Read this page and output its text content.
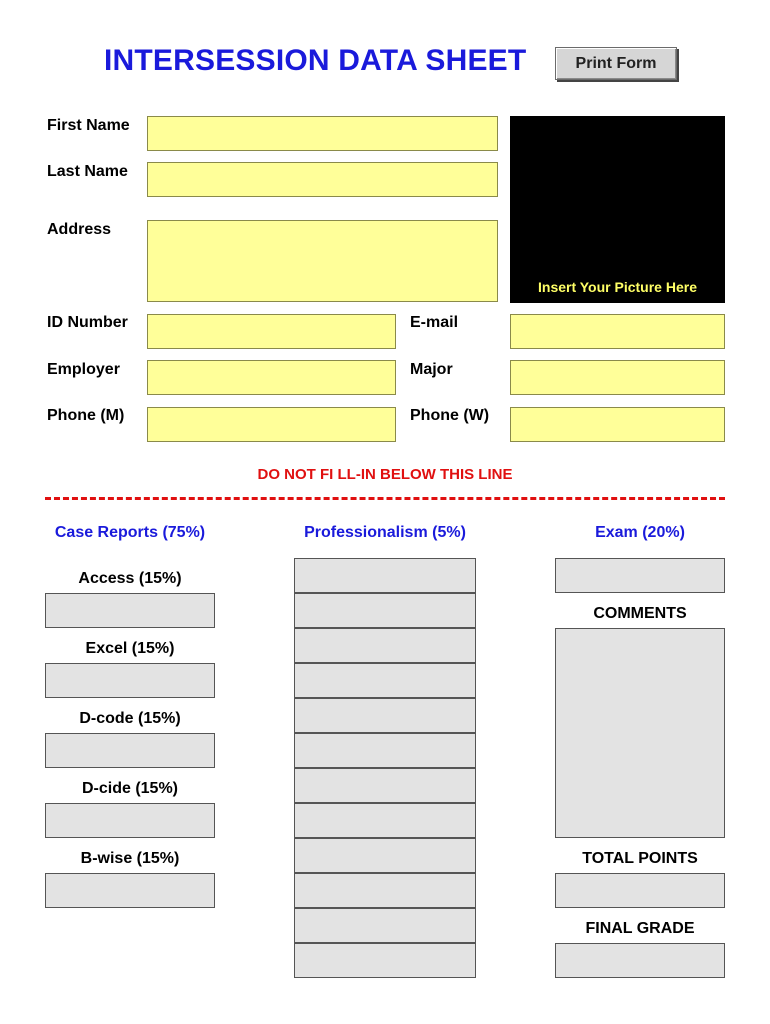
INTERSESSION DATA SHEET	Print Form
First Name
Last Name
Address
Insert Your Picture Here
ID Number	E-mail
Employer	Major
Phone (M)	Phone (W)
DO NOT FI LL-IN BELOW THIS LINE
Case Reports (75%)	Professionalism (5%)	Exam (20%)
Access (15%)
Excel (15%)
D-code (15%)
D-cide (15%)
B-wise (15%)
COMMENTS
TOTAL POINTS
FINAL GRADE
